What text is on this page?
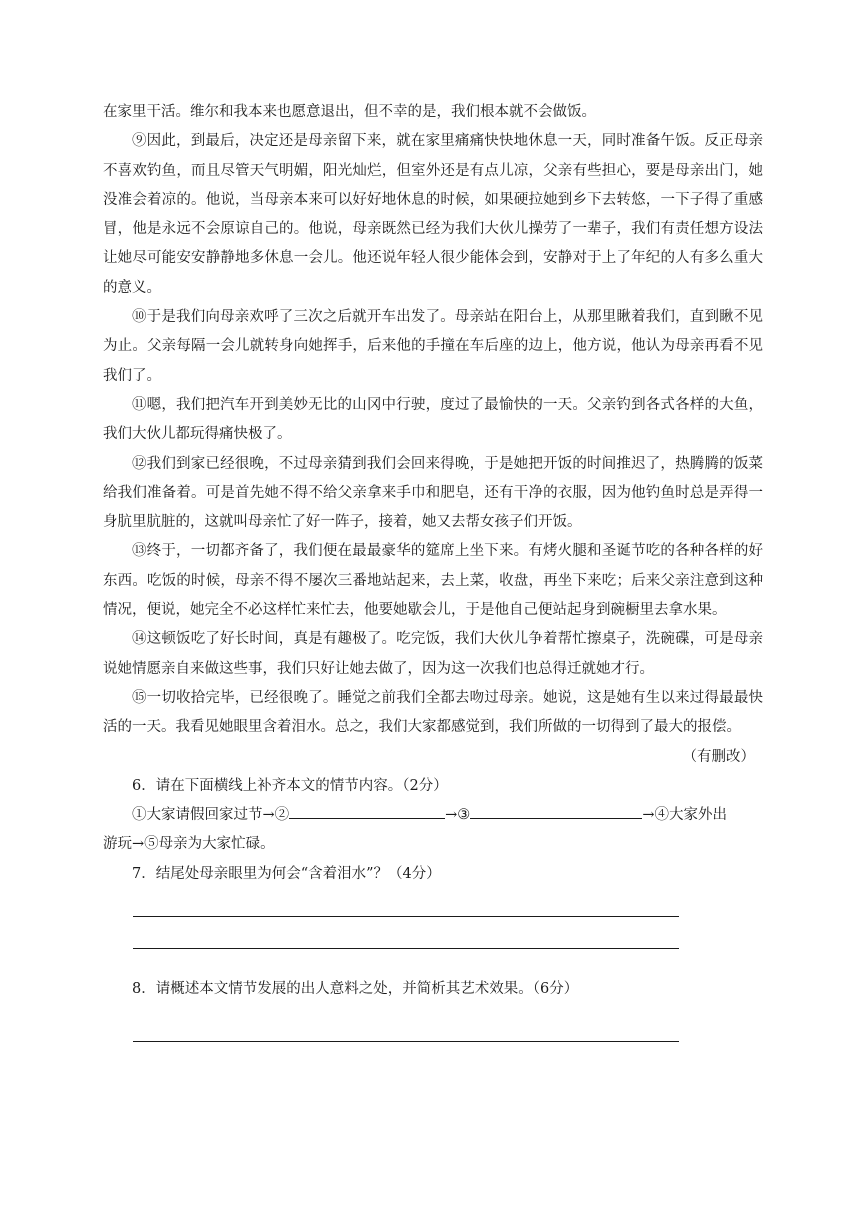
在家里干活。维尔和我本来也愿意退出，但不幸的是，我们根本就不会做饭。

⑨因此，到最后，决定还是母亲留下来，就在家里痛痛快快地休息一天，同时准备午饭。反正母亲不喜欢钓鱼，而且尽管天气明媚，阳光灿烂，但室外还是有点儿凉，父亲有些担心，要是母亲出门，她没准会着凉的。他说，当母亲本来可以好好地休息的时候，如果硬拉她到乡下去转悠，一下子得了重感冒，他是永远不会原谅自己的。他说，母亲既然已经为我们大伙儿操劳了一辈子，我们有责任想方设法让她尽可能安安静静地多休息一会儿。他还说年轻人很少能体会到，安静对于上了年纪的人有多么重大的意义。

⑩于是我们向母亲欢呼了三次之后就开车出发了。母亲站在阳台上，从那里瞅着我们，直到瞅不见为止。父亲每隔一会儿就转身向她挥手，后来他的手撞在车后座的边上，他方说，他认为母亲再看不见我们了。

⑪嗯，我们把汽车开到美妙无比的山冈中行驶，度过了最愉快的一天。父亲钓到各式各样的大鱼，我们大伙儿都玩得痛快极了。

⑫我们到家已经很晚，不过母亲猜到我们会回来得晚，于是她把开饭的时间推迟了，热腾腾的饭菜给我们准备着。可是首先她不得不给父亲拿来手巾和肥皂，还有干净的衣服，因为他钓鱼时总是弄得一身肮里肮脏的，这就叫母亲忙了好一阵子，接着，她又去帮女孩子们开饭。

⑬终于，一切都齐备了，我们便在最最豪华的筵席上坐下来。有烤火腿和圣诞节吃的各种各样的好东西。吃饭的时候，母亲不得不屡次三番地站起来，去上菜，收盘，再坐下来吃；后来父亲注意到这种情况，便说，她完全不必这样忙来忙去，他要她歇会儿，于是他自己便站起身到碗橱里去拿水果。

⑭这顿饭吃了好长时间，真是有趣极了。吃完饭，我们大伙儿争着帮忙擦桌子，洗碗碟，可是母亲说她情愿亲自来做这些事，我们只好让她去做了，因为这一次我们也总得迁就她才行。

⑮一切收拾完毕，已经很晚了。睡觉之前我们全都去吻过母亲。她说，这是她有生以来过得最最快活的一天。我看见她眼里含着泪水。总之，我们大家都感觉到，我们所做的一切得到了最大的报偿。

（有删改）

6．请在下面横线上补齐本文的情节内容。（2分）

①大家请假回家过节→②	→③	→④大家外出
游玩→⑤母亲为大家忙碌。

7．结尾处母亲眼里为何会“含着泪水”？（4分）

8．请概述本文情节发展的出人意料之处，并简析其艺术效果。（6分）
